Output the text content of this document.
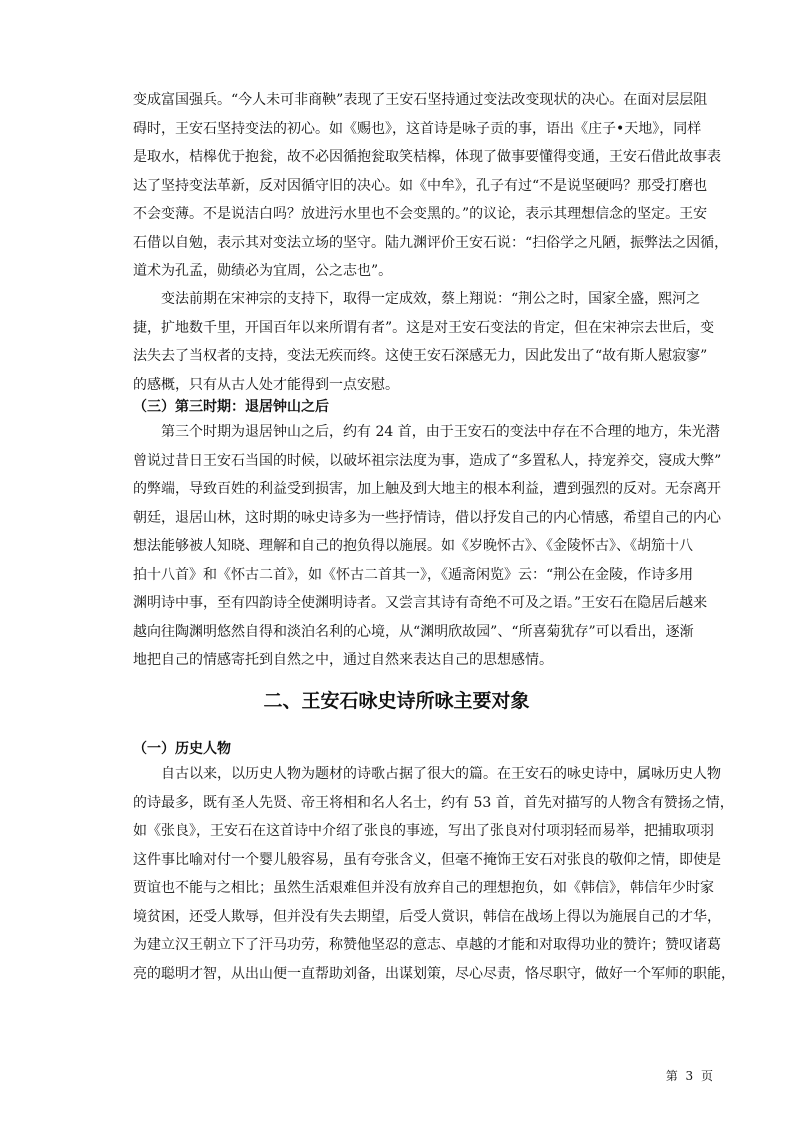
变成富国强兵。“今人未可非商鞅”表现了王安石坚持通过变法改变现状的决心。在面对层层阻

碍时，王安石坚持变法的初心。如《赐也》，这首诗是咏子贡的事，语出《庄子•天地》，同样

是取水，桔槔优于抱瓮，故不必因循抱瓮取笑桔槔，体现了做事要懂得变通，王安石借此故事表

达了坚持变法革新，反对因循守旧的决心。如《中牟》，孔子有过“不是说坚硬吗？那受打磨也

不会变薄。不是说洁白吗？放进污水里也不会变黑的。”的议论，表示其理想信念的坚定。王安

石借以自勉，表示其对变法立场的坚守。陆九渊评价王安石说：“扫俗学之凡陋，振弊法之因循，

道术为孔孟，勋绩必为宜周，公之志也”。

变法前期在宋神宗的支持下，取得一定成效，蔡上翔说：“荆公之时，国家全盛，熙河之

捷，扩地数千里，开国百年以来所谓有者”。这是对王安石变法的肯定，但在宋神宗去世后，变

法失去了当权者的支持，变法无疾而终。这使王安石深感无力，因此发出了“故有斯人慰寂寥”

的感概，只有从古人处才能得到一点安慰。

（三）第三时期：退居钟山之后

第三个时期为退居钟山之后，约有 24 首，由于王安石的变法中存在不合理的地方，朱光潜

曾说过昔日王安石当国的时候，以破坏祖宗法度为事，造成了“多置私人，持宠养交，寖成大弊”

的弊端，导致百姓的利益受到损害，加上触及到大地主的根本利益，遭到强烈的反对。无奈离开

朝廷，退居山林，这时期的咏史诗多为一些抒情诗，借以抒发自己的内心情感，希望自己的内心

想法能够被人知晓、理解和自己的抱负得以施展。如《岁晚怀古》、《金陵怀古》、《胡笳十八

拍十八首》和《怀古二首》，如《怀古二首其一》，《遁斋闲览》云：“荆公在金陵，作诗多用

渊明诗中事，至有四韵诗全使渊明诗者。又尝言其诗有奇绝不可及之语。”王安石在隐居后越来

越向往陶渊明悠然自得和淡泊名利的心境，从“渊明欣故园”、“所喜菊犹存”可以看出，逐渐

地把自己的情感寄托到自然之中，通过自然来表达自己的思想感情。

二、王安石咏史诗所咏主要对象

（一）历史人物

自古以来，以历史人物为题材的诗歌占据了很大的篇。在王安石的咏史诗中，属咏历史人物

的诗最多，既有圣人先贤、帝王将相和名人名士，约有 53 首，首先对描写的人物含有赞扬之情，

如《张良》，王安石在这首诗中介绍了张良的事迹，写出了张良对付项羽轻而易举，把捕取项羽

这件事比喻对付一个婴儿般容易，虽有夸张含义，但毫不掩饰王安石对张良的敬仰之情，即使是

贾谊也不能与之相比；虽然生活艰难但并没有放弃自己的理想抱负，如《韩信》，韩信年少时家

境贫困，还受人欺辱，但并没有失去期望，后受人赏识，韩信在战场上得以为施展自己的才华，

为建立汉王朝立下了汗马功劳，称赞他坚忍的意志、卓越的才能和对取得功业的赞许；赞叹诸葛

亮的聪明才智，从出山便一直帮助刘备，出谋划策，尽心尽责，恪尽职守，做好一个军师的职能，

第 3 页
